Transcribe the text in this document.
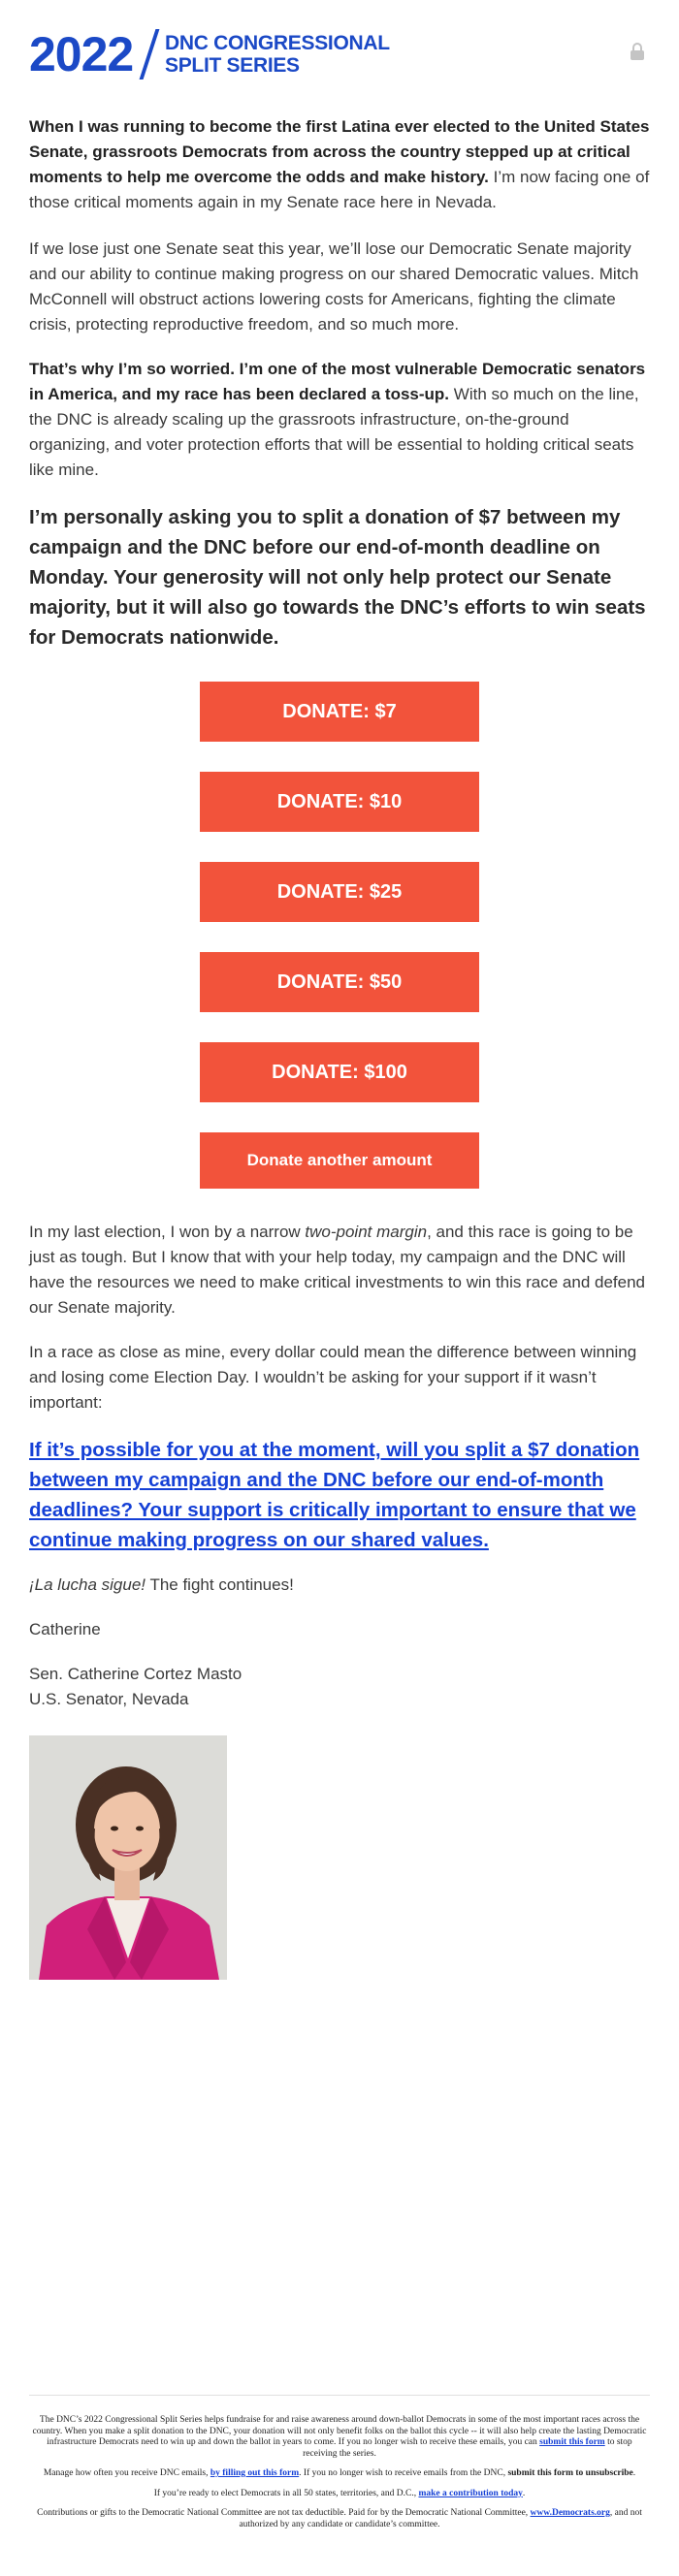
2022 DNC CONGRESSIONAL
SPLIT SERIES

When I was running to become the first Latina ever elected to the United States Senate, grassroots Democrats from across the country stepped up at critical moments to help me overcome the odds and make history. I’m now facing one of those critical moments again in my Senate race here in Nevada.

If we lose just one Senate seat this year, we’ll lose our Democratic Senate majority and our ability to continue making progress on our shared Democratic values. Mitch McConnell will obstruct actions lowering costs for Americans, fighting the climate crisis, protecting reproductive freedom, and so much more.

That’s why I’m so worried. I’m one of the most vulnerable Democratic senators in America, and my race has been declared a toss-up. With so much on the line, the DNC is already scaling up the grassroots infrastructure, on-the-ground organizing, and voter protection efforts that will be essential to holding critical seats like mine.

I’m personally asking you to split a donation of $7 between my campaign and the DNC before our end-of-month deadline on Monday. Your generosity will not only help protect our Senate majority, but it will also go towards the DNC’s efforts to win seats for Democrats nationwide.

DONATE: $7
DONATE: $10
DONATE: $25
DONATE: $50
DONATE: $100
Donate another amount

In my last election, I won by a narrow two-point margin, and this race is going to be just as tough. But I know that with your help today, my campaign and the DNC will have the resources we need to make critical investments to win this race and defend our Senate majority.

In a race as close as mine, every dollar could mean the difference between winning and losing come Election Day. I wouldn’t be asking for your support if it wasn’t important:

If it’s possible for you at the moment, will you split a $7 donation between my campaign and the DNC before our end-of-month deadlines? Your support is critically important to ensure that we continue making progress on our shared values.

¡La lucha sigue! The fight continues!

Catherine

Sen. Catherine Cortez Masto
U.S. Senator, Nevada

The DNC’s 2022 Congressional Split Series helps fundraise for and raise awareness around down-ballot Democrats in some of the most important races across the country. When you make a split donation to the DNC, your donation will not only benefit folks on the ballot this cycle -- it will also help create the lasting Democratic infrastructure Democrats need to win up and down the ballot in years to come. If you no longer wish to receive these emails, you can submit this form to stop receiving the series.

Manage how often you receive DNC emails, by filling out this form. If you no longer wish to receive emails from the DNC, submit this form to unsubscribe.

If you’re ready to elect Democrats in all 50 states, territories, and D.C., make a contribution today.

Contributions or gifts to the Democratic National Committee are not tax deductible. Paid for by the Democratic National Committee, www.Democrats.org, and not authorized by any candidate or candidate’s committee.
